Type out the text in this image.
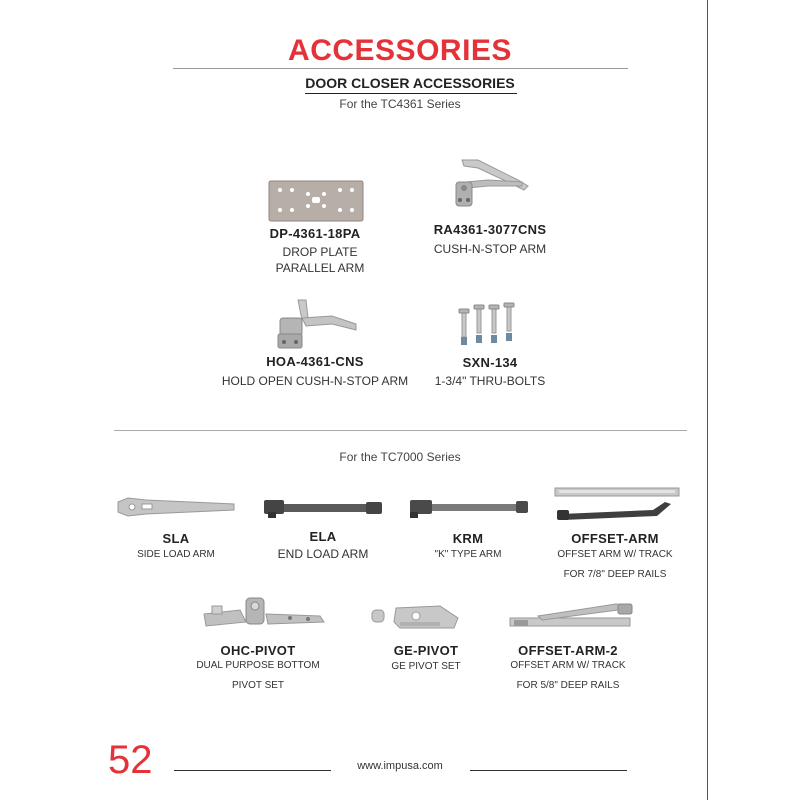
ACCESSORIES
DOOR CLOSER ACCESSORIES
For the TC4361 Series
DP-4361-18PA
DROP PLATE
PARALLEL ARM
RA4361-3077CNS
CUSH-N-STOP ARM
HOA-4361-CNS
HOLD OPEN CUSH-N-STOP ARM
SXN-134
1-3/4" THRU-BOLTS
For the TC7000 Series
SLA
SIDE LOAD ARM
ELA
END LOAD ARM
KRM
"K" TYPE ARM
OFFSET-ARM
OFFSET ARM W/ TRACK
FOR 7/8" DEEP RAILS
OHC-PIVOT
DUAL PURPOSE BOTTOM
PIVOT SET
GE-PIVOT
GE PIVOT SET
OFFSET-ARM-2
OFFSET ARM W/ TRACK
FOR 5/8" DEEP RAILS
52	www.impusa.com
